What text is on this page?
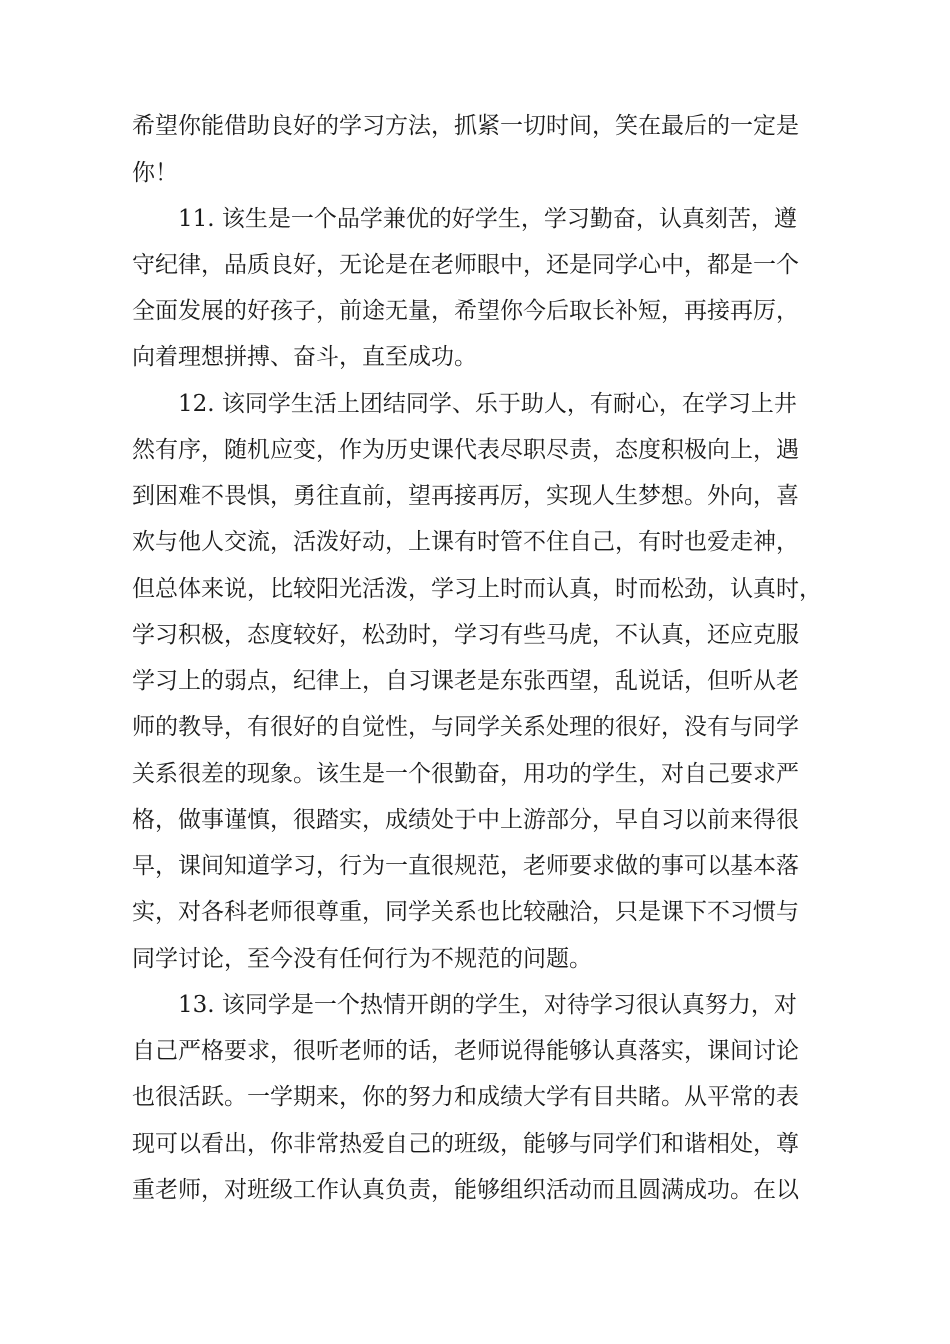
希望你能借助良好的学习方法，抓紧一切时间，笑在最后的一定是
你！
11. 该生是一个品学兼优的好学生，学习勤奋，认真刻苦，遵
守纪律，品质良好，无论是在老师眼中，还是同学心中，都是一个
全面发展的好孩子，前途无量，希望你今后取长补短，再接再厉，
向着理想拼搏、奋斗，直至成功。
12. 该同学生活上团结同学、乐于助人，有耐心，在学习上井
然有序，随机应变，作为历史课代表尽职尽责，态度积极向上，遇
到困难不畏惧，勇往直前，望再接再厉，实现人生梦想。外向，喜
欢与他人交流，活泼好动，上课有时管不住自己，有时也爱走神，
但总体来说，比较阳光活泼，学习上时而认真，时而松劲，认真时，
学习积极，态度较好，松劲时，学习有些马虎，不认真，还应克服
学习上的弱点，纪律上，自习课老是东张西望，乱说话，但听从老
师的教导，有很好的自觉性，与同学关系处理的很好，没有与同学
关系很差的现象。该生是一个很勤奋，用功的学生，对自己要求严
格，做事谨慎，很踏实，成绩处于中上游部分，早自习以前来得很
早，课间知道学习，行为一直很规范，老师要求做的事可以基本落
实，对各科老师很尊重，同学关系也比较融洽，只是课下不习惯与
同学讨论，至今没有任何行为不规范的问题。
13. 该同学是一个热情开朗的学生，对待学习很认真努力，对
自己严格要求，很听老师的话，老师说得能够认真落实，课间讨论
也很活跃。一学期来，你的努力和成绩大学有目共睹。从平常的表
现可以看出，你非常热爱自己的班级，能够与同学们和谐相处，尊
重老师，对班级工作认真负责，能够组织活动而且圆满成功。在以
